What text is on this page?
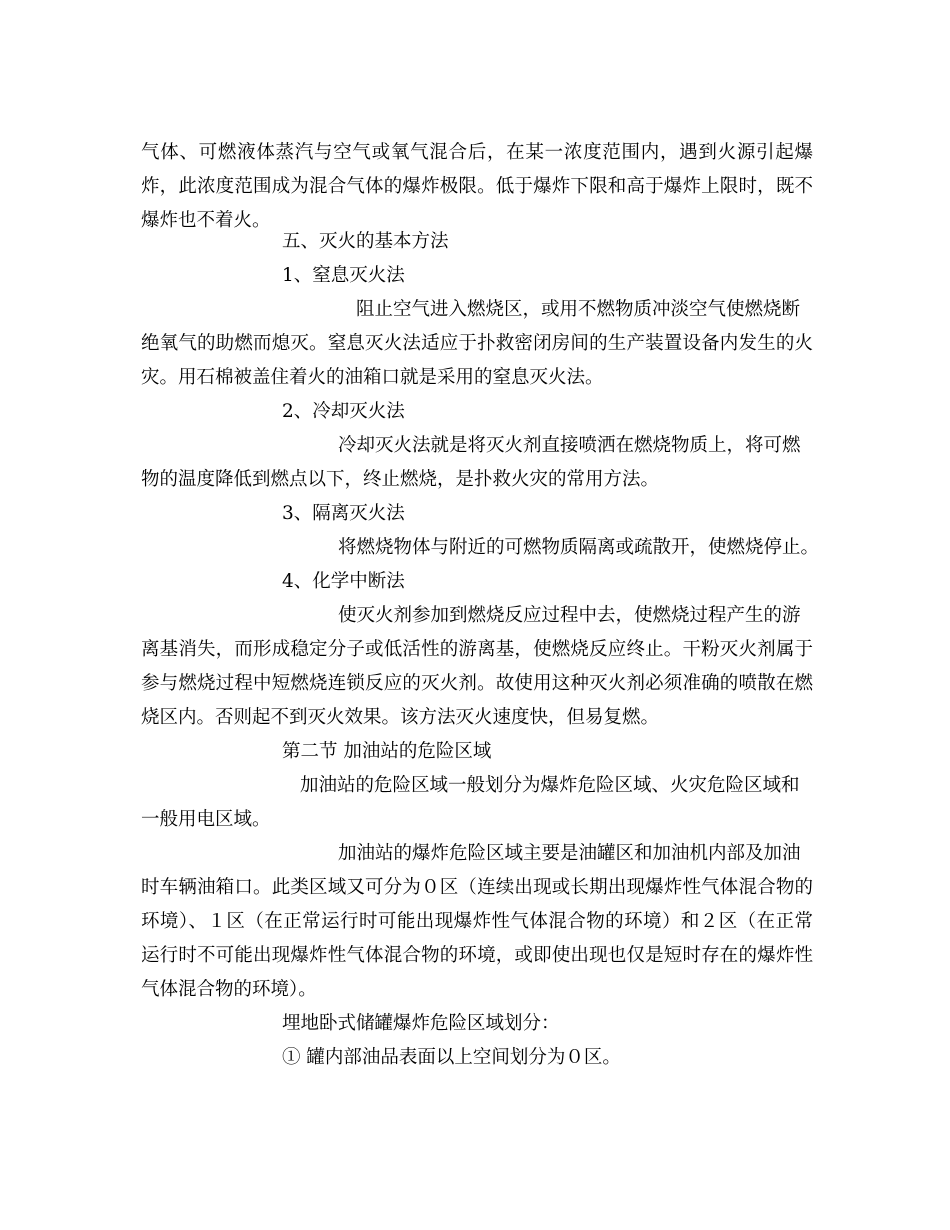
气体、可燃液体蒸汽与空气或氧气混合后，在某一浓度范围内，遇到火源引起爆炸，此浓度范围成为混合气体的爆炸极限。低于爆炸下限和高于爆炸上限时，既不爆炸也不着火。

五、灭火的基本方法

1、窒息灭火法

阻止空气进入燃烧区，或用不燃物质冲淡空气使燃烧断

绝氧气的助燃而熄灭。窒息灭火法适应于扑救密闭房间的生产装置设备内发生的火灾。用石棉被盖住着火的油箱口就是采用的窒息灭火法。

2、冷却灭火法

冷却灭火法就是将灭火剂直接喷洒在燃烧物质上，将可燃

物的温度降低到燃点以下，终止燃烧，是扑救火灾的常用方法。

3、隔离灭火法

将燃烧物体与附近的可燃物质隔离或疏散开，使燃烧停止。

4、化学中断法

使灭火剂参加到燃烧反应过程中去，使燃烧过程产生的游

离基消失，而形成稳定分子或低活性的游离基，使燃烧反应终止。干粉灭火剂属于参与燃烧过程中短燃烧连锁反应的灭火剂。故使用这种灭火剂必须准确的喷散在燃烧区内。否则起不到灭火效果。该方法灭火速度快，但易复燃。

第二节 加油站的危险区域

加油站的危险区域一般划分为爆炸危险区域、火灾危险区域和

一般用电区域。

加油站的爆炸危险区域主要是油罐区和加油机内部及加油

时车辆油箱口。此类区域又可分为０区（连续出现或长期出现爆炸性气体混合物的环境）、１区（在正常运行时可能出现爆炸性气体混合物的环境）和２区（在正常运行时不可能出现爆炸性气体混合物的环境，或即使出现也仅是短时存在的爆炸性气体混合物的环境）。

埋地卧式储罐爆炸危险区域划分：

① 罐内部油品表面以上空间划分为０区。
